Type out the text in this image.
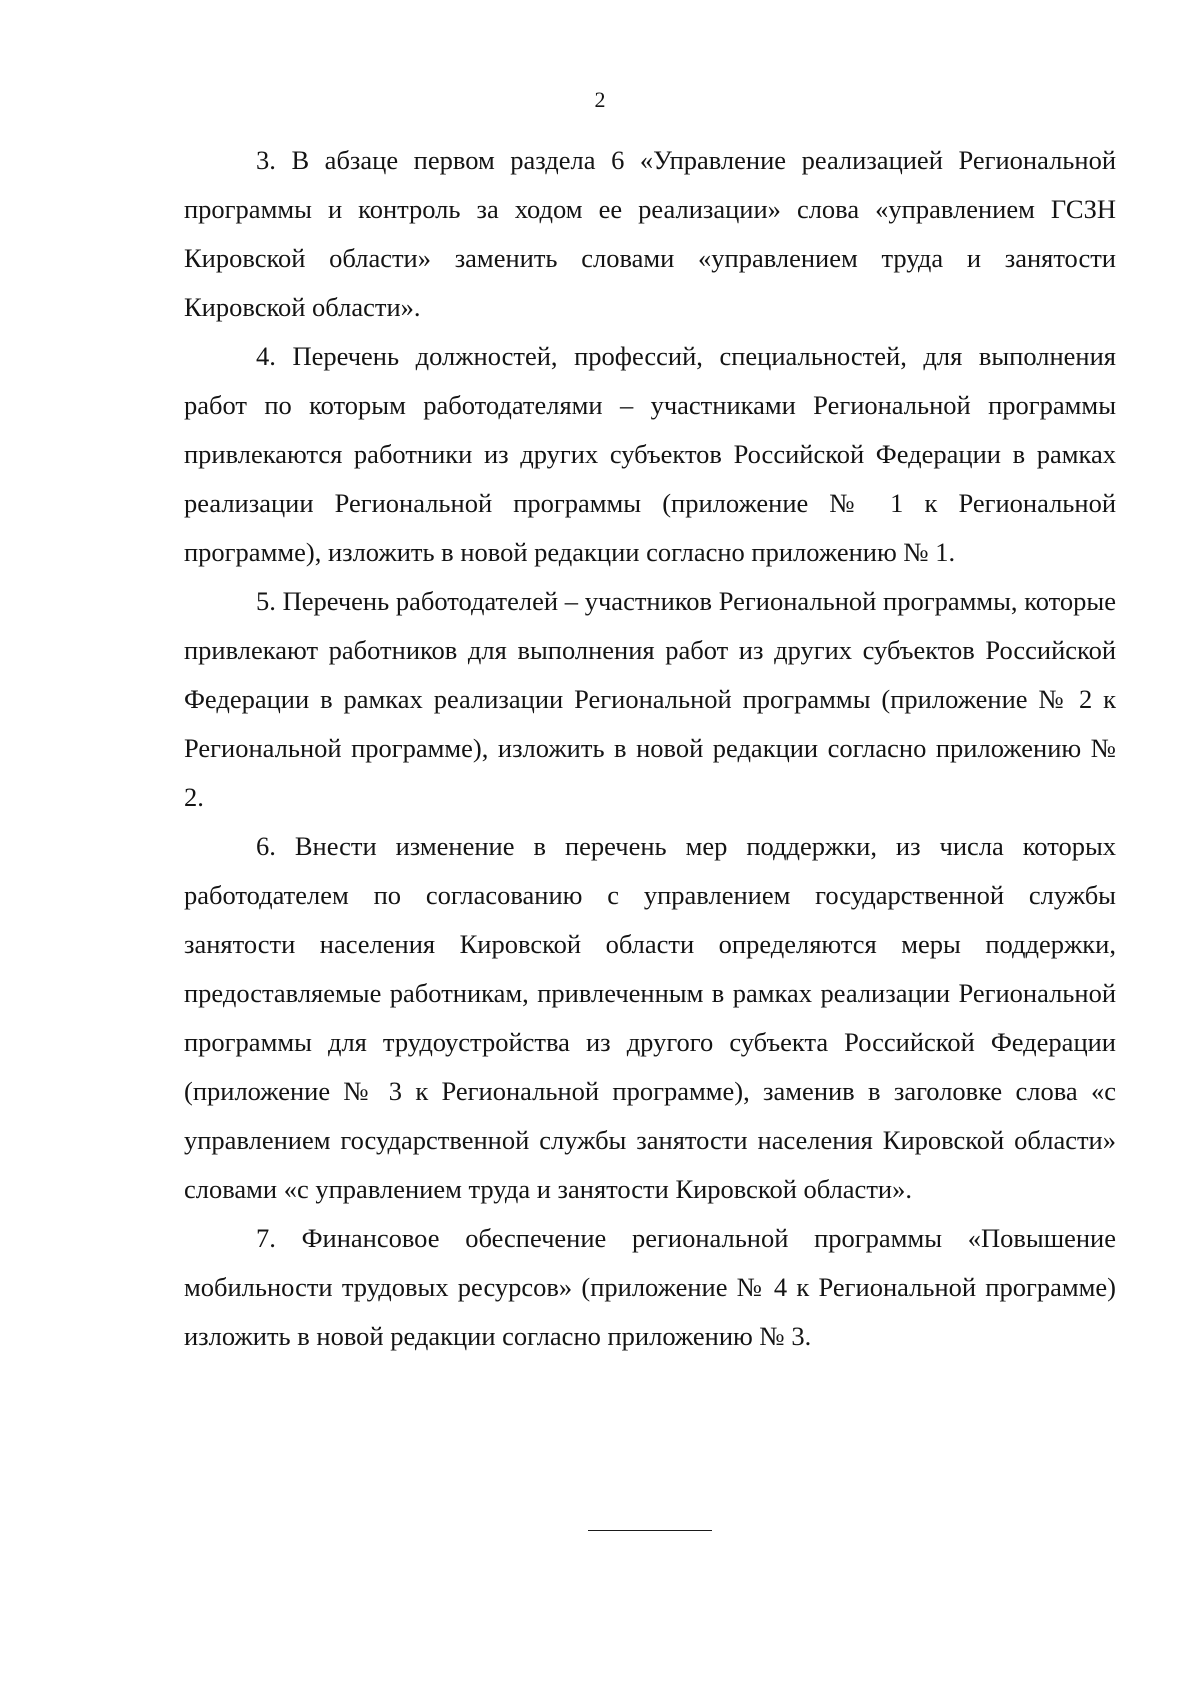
2

3. В абзаце первом раздела 6 «Управление реализацией Региональной программы и контроль за ходом ее реализации» слова «управлением ГСЗН Кировской области» заменить словами «управлением труда и занятости Кировской области».

4. Перечень должностей, профессий, специальностей, для выполнения работ по которым работодателями – участниками Региональной программы привлекаются работники из других субъектов Российской Федерации в рамках реализации Региональной программы (приложение № 1 к Региональной программе), изложить в новой редакции согласно приложению № 1.

5. Перечень работодателей – участников Региональной программы, которые привлекают работников для выполнения работ из других субъектов Российской Федерации в рамках реализации Региональной программы (приложение № 2 к Региональной программе), изложить в новой редакции согласно приложению № 2.

6. Внести изменение в перечень мер поддержки, из числа которых работодателем по согласованию с управлением государственной службы занятости населения Кировской области определяются меры поддержки, предоставляемые работникам, привлеченным в рамках реализации Региональной программы для трудоустройства из другого субъекта Российской Федерации (приложение № 3 к Региональной программе), заменив в заголовке слова «с управлением государственной службы занятости населения Кировской области» словами «с управлением труда и занятости Кировской области».

7. Финансовое обеспечение региональной программы «Повышение мобильности трудовых ресурсов» (приложение № 4 к Региональной программе) изложить в новой редакции согласно приложению № 3.
